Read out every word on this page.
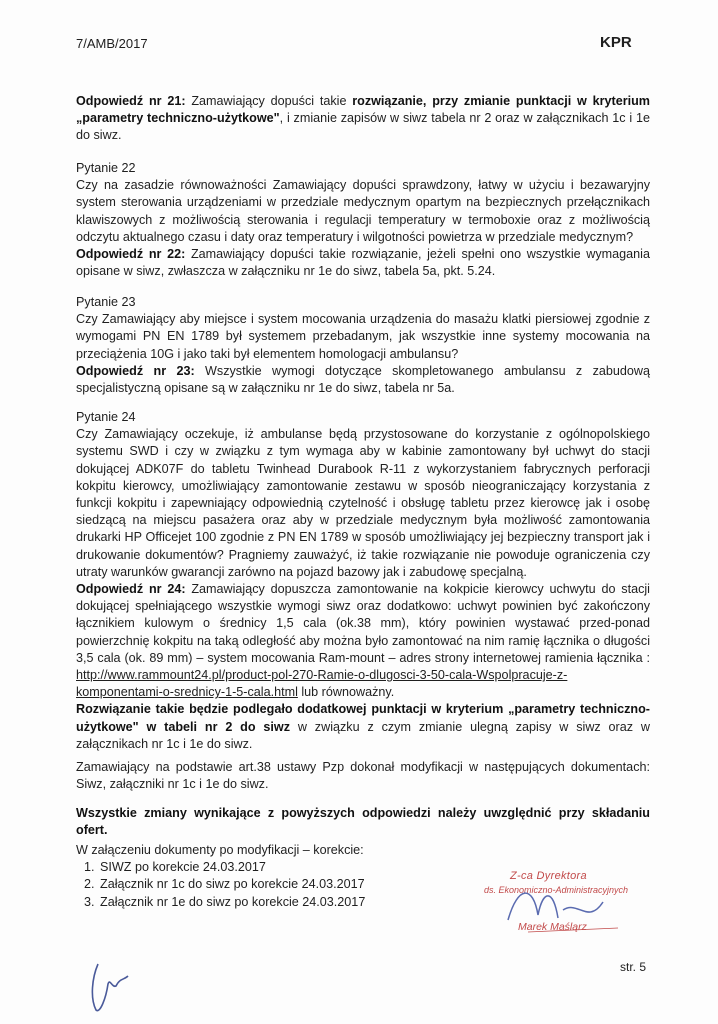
7/AMB/2017	KPR

Odpowiedź nr 21: Zamawiający dopuści takie rozwiązanie, przy zmianie punktacji w kryterium „parametry techniczno-użytkowe", i zmianie zapisów w siwz tabela nr 2 oraz w załącznikach 1c i 1e do siwz.

Pytanie 22

Czy na zasadzie równoważności Zamawiający dopuści sprawdzony, łatwy w użyciu i bezawaryjny system sterowania urządzeniami w przedziale medycznym opartym na bezpiecznych przełącznikach klawiszowych z możliwością sterowania i regulacji temperatury w termoboxie oraz z możliwością odczytu aktualnego czasu i daty oraz temperatury i wilgotności powietrza w przedziale medycznym?

Odpowiedź nr 22: Zamawiający dopuści takie rozwiązanie, jeżeli spełni ono wszystkie wymagania opisane w siwz, zwłaszcza w załączniku nr 1e do siwz, tabela 5a, pkt. 5.24.

Pytanie 23

Czy Zamawiający aby miejsce i system mocowania urządzenia do masażu klatki piersiowej zgodnie z wymogami PN EN 1789 był systemem przebadanym, jak wszystkie inne systemy mocowania na przeciążenia 10G i jako taki był elementem homologacji ambulansu?

Odpowiedź nr 23: Wszystkie wymogi dotyczące skompletowanego ambulansu z zabudową specjalistyczną opisane są w załączniku nr 1e do siwz, tabela nr 5a.

Pytanie 24

Czy Zamawiający oczekuje, iż ambulanse będą przystosowane do korzystanie z ogólnopolskiego systemu SWD i czy w związku z tym wymaga aby w kabinie zamontowany był uchwyt do stacji dokującej ADK07F do tabletu Twinhead Durabook R-11 z wykorzystaniem fabrycznych perforacji kokpitu kierowcy, umożliwiający zamontowanie zestawu w sposób nieograniczający korzystania z funkcji kokpitu i zapewniający odpowiednią czytelność i obsługę tabletu przez kierowcę jak i osobę siedzącą na miejscu pasażera oraz aby w przedziale medycznym była możliwość zamontowania drukarki HP Officejet 100 zgodnie z PN EN 1789 w sposób umożliwiający jej bezpieczny transport jak i drukowanie dokumentów? Pragniemy zauważyć, iż takie rozwiązanie nie powoduje ograniczenia czy utraty warunków gwarancji zarówno na pojazd bazowy jak i zabudowę specjalną.

Odpowiedź nr 24: Zamawiający dopuszcza zamontowanie na kokpicie kierowcy uchwytu do stacji dokującej spełniającego wszystkie wymogi siwz oraz dodatkowo: uchwyt powinien być zakończony łącznikiem kulowym o średnicy 1,5 cala (ok.38 mm), który powinien wystawać przed-ponad powierzchnię kokpitu na taką odległość aby można było zamontować na nim ramię łącznika o długości 3,5 cala (ok. 89 mm) – system mocowania Ram-mount – adres strony internetowej ramienia łącznika : http://www.rammount24.pl/product-pol-270-Ramie-o-dlugosci-3-50-cala-Wspolpracuje-z-komponentami-o-srednicy-1-5-cala.html lub równoważny.

Rozwiązanie takie będzie podlegało dodatkowej punktacji w kryterium „parametry techniczno-użytkowe" w tabeli nr 2 do siwz w związku z czym zmianie ulegną zapisy w siwz oraz w załącznikach nr 1c i 1e do siwz.

Zamawiający na podstawie art.38 ustawy Pzp dokonał modyfikacji w następujących dokumentach: Siwz, załączniki nr 1c i 1e do siwz.
Wszystkie zmiany wynikające z powyższych odpowiedzi należy uwzględnić przy składaniu ofert.

W załączeniu dokumenty po modyfikacji – korekcie:

1. SIWZ po korekcie 24.03.2017
2. Załącznik nr 1c do siwz po korekcie 24.03.2017
3. Załącznik nr 1e do siwz po korekcie 24.03.2017
Z-ca Dyrektora
ds. Ekonomiczno-Administracyjnych
Marek Maśląrz
str. 5
